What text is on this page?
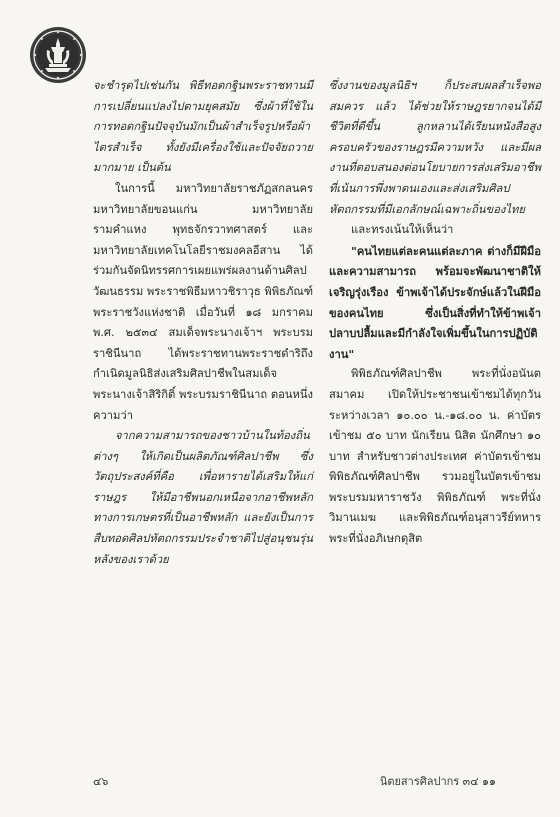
จะชำรุดไปเช่นกัน พิธีทอดกฐินพระราชทานมีการเปลี่ยนแปลงไปตามยุคสมัย ซึ่งผ้าที่ใช้ในการทอดกฐินปัจจุบันมักเป็นผ้าสำเร็จรูปหรือผ้าไตรสำเร็จ ทั้งยังมีเครื่องใช้และปัจจัยถวายมากมาย เป็นต้น

ในการนี้ มหาวิทยาลัยราชภัฏสกลนคร มหาวิทยาลัยขอนแก่น มหาวิทยาลัยรามคำแหง พุทธจักรวาทศาสตร์ และมหาวิทยาลัยเทคโนโลยีราชมงคลอีสาน ได้ร่วมกันจัดนิทรรศการเผยแพร่ผลงานด้านศิลปวัฒนธรรม พระราชพิธีมหาวชิราวุธ พิพิธภัณฑ์พระราชวังแห่งชาติ เมื่อวันที่ ๑๘ มกราคม พ.ศ. ๒๕๓๔ สมเด็จพระนางเจ้าฯ พระบรมราชินีนาถ ได้พระราชทานพระราชดำริถึงกำเนิดมูลนิธิส่งเสริมศิลปาชีพในสมเด็จพระนางเจ้าสิริกิติ์ พระบรมราชินีนาถ ตอนหนึ่ง ความว่า

จากความสามารถของชาวบ้านในท้องถิ่นต่างๆ ให้เกิดเป็นผลิตภัณฑ์ศิลปาชีพ ซึ่งวัตถุประสงค์ที่คือ เพื่อหารายได้เสริมให้แก่ราษฎร ให้มีอาชีพนอกเหนือจากอาชีพหลักทางการเกษตรที่เป็นอาชีพหลัก และยังเป็นการสืบทอดศิลปหัตถกรรมประจำชาติไปสู่อนุชนรุ่นหลังของเราด้วย

ซึ่งงานของมูลนิธิฯ ก็ประสบผลสำเร็จพอสมควร แล้ว ได้ช่วยให้ราษฎรยากจนได้มีชีวิตที่ดีขึ้น ลูกหลานได้เรียนหนังสือสูง ครอบครัวของราษฎรมีความหวัง และมีผลงานที่ตอบสนองต่อนโยบายการส่งเสริมอาชีพที่เน้นการพึ่งพาตนเองและส่งเสริมศิลปหัตถกรรมที่มีเอกลักษณ์เฉพาะถิ่นของไทย

และทรงเน้นให้เห็นว่า

"คนไทยแต่ละคนแต่ละภาค ต่างก็มีฝีมือและความสามารถ พร้อมจะพัฒนาชาติให้เจริญรุ่งเรือง ข้าพเจ้าได้ประจักษ์แล้วในฝีมือของคนไทย ซึ่งเป็นสิ่งที่ทำให้ข้าพเจ้าปลาบปลื้มและมีกำลังใจเพิ่มขึ้นในการปฏิบัติงาน"

พิพิธภัณฑ์ศิลปาชีพ พระที่นั่งอนันตสมาคม เปิดให้ประชาชนเข้าชมได้ทุกวัน ระหว่างเวลา ๑๐.๐๐ น.-๑๘.๐๐ น. ค่าบัตรเข้าชม ๕๐ บาท นักเรียน นิสิต นักศึกษา ๑๐ บาท สำหรับชาวต่างประเทศ ค่าบัตรเข้าชมพิพิธภัณฑ์ศิลปาชีพ รวมอยู่ในบัตรเข้าชมพระบรมมหาราชวัง พิพิธภัณฑ์ พระที่นั่งวิมานเมฆ และพิพิธภัณฑ์อนุสาวรีย์ทหาร พระที่นั่งอภิเษกดุสิต

๔๖	นิตยสารศิลปากร ๓๔ ๑๑
